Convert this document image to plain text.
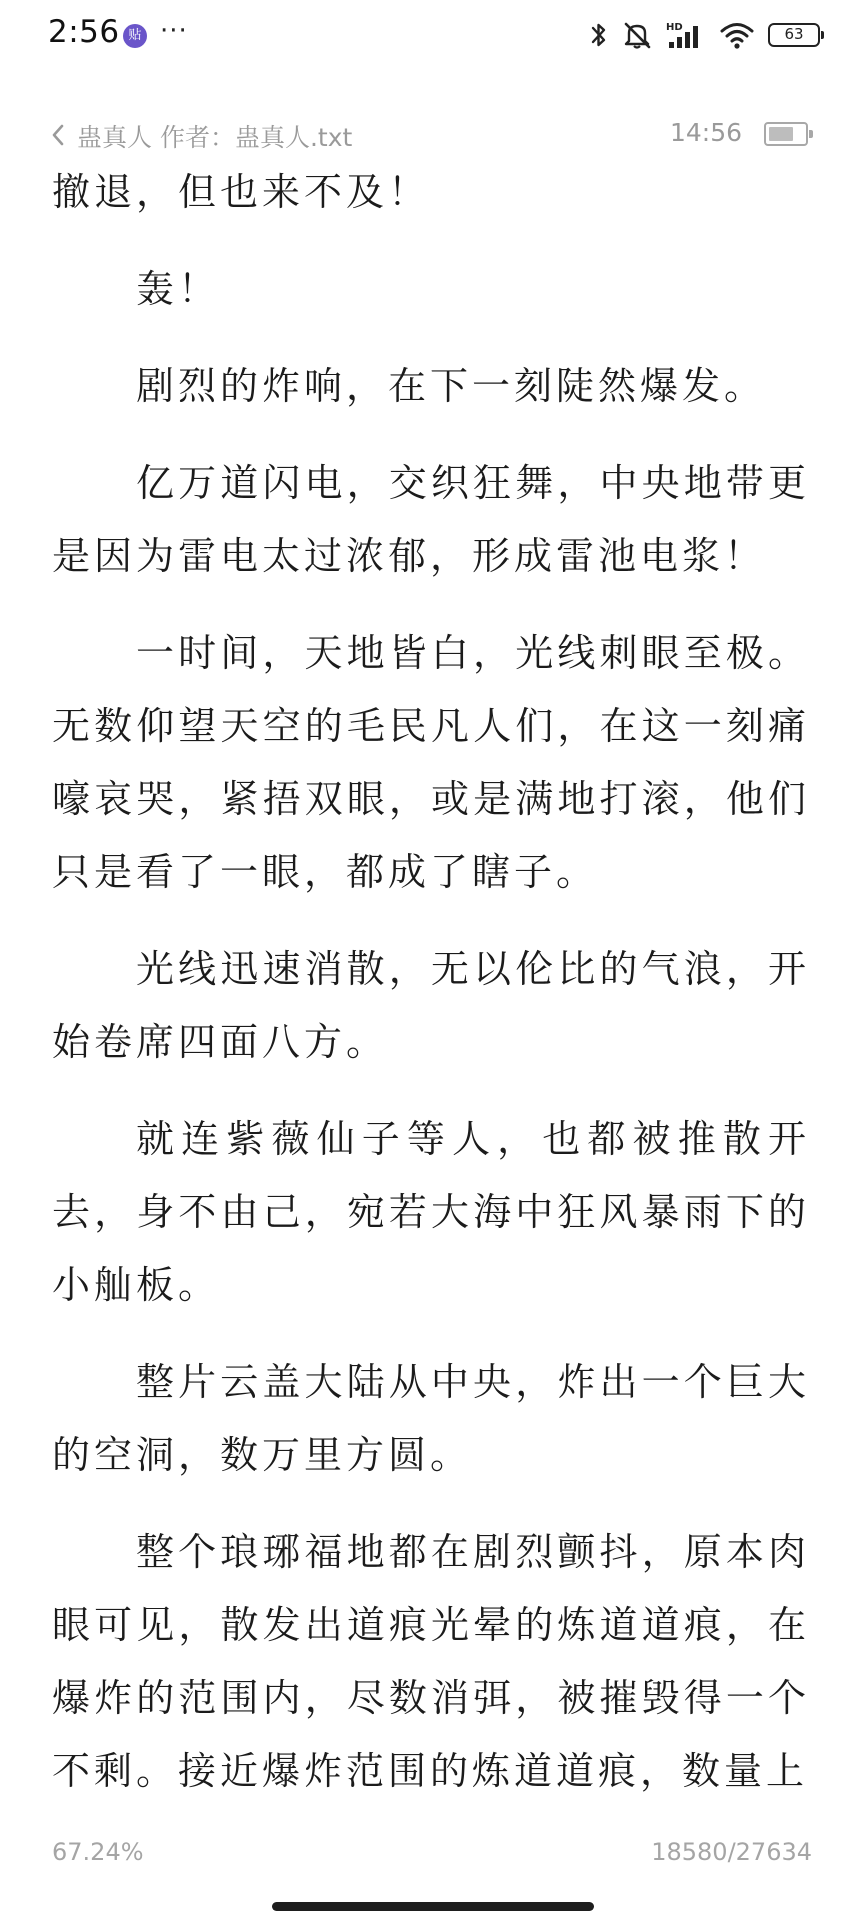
2:56 贴 ···	HD	63
蛊真人 作者：蛊真人.txt	14:56

撤退，但也来不及！

轰！

剧烈的炸响，在下一刻陡然爆发。

亿万道闪电，交织狂舞，中央地带更是因为雷电太过浓郁，形成雷池电浆！

一时间，天地皆白，光线刺眼至极。无数仰望天空的毛民凡人们，在这一刻痛嚎哀哭，紧捂双眼，或是满地打滚，他们只是看了一眼，都成了瞎子。

光线迅速消散，无以伦比的气浪，开始卷席四面八方。

就连紫薇仙子等人，也都被推散开去，身不由己，宛若大海中狂风暴雨下的小舢板。

整片云盖大陆从中央，炸出一个巨大的空洞，数万里方圆。

整个琅琊福地都在剧烈颤抖，原本肉眼可见，散发出道痕光晕的炼道道痕，在爆炸的范围内，尽数消弭，被摧毁得一个不剩。接近爆炸范围的炼道道痕，数量上

67.24%	18580/27634
